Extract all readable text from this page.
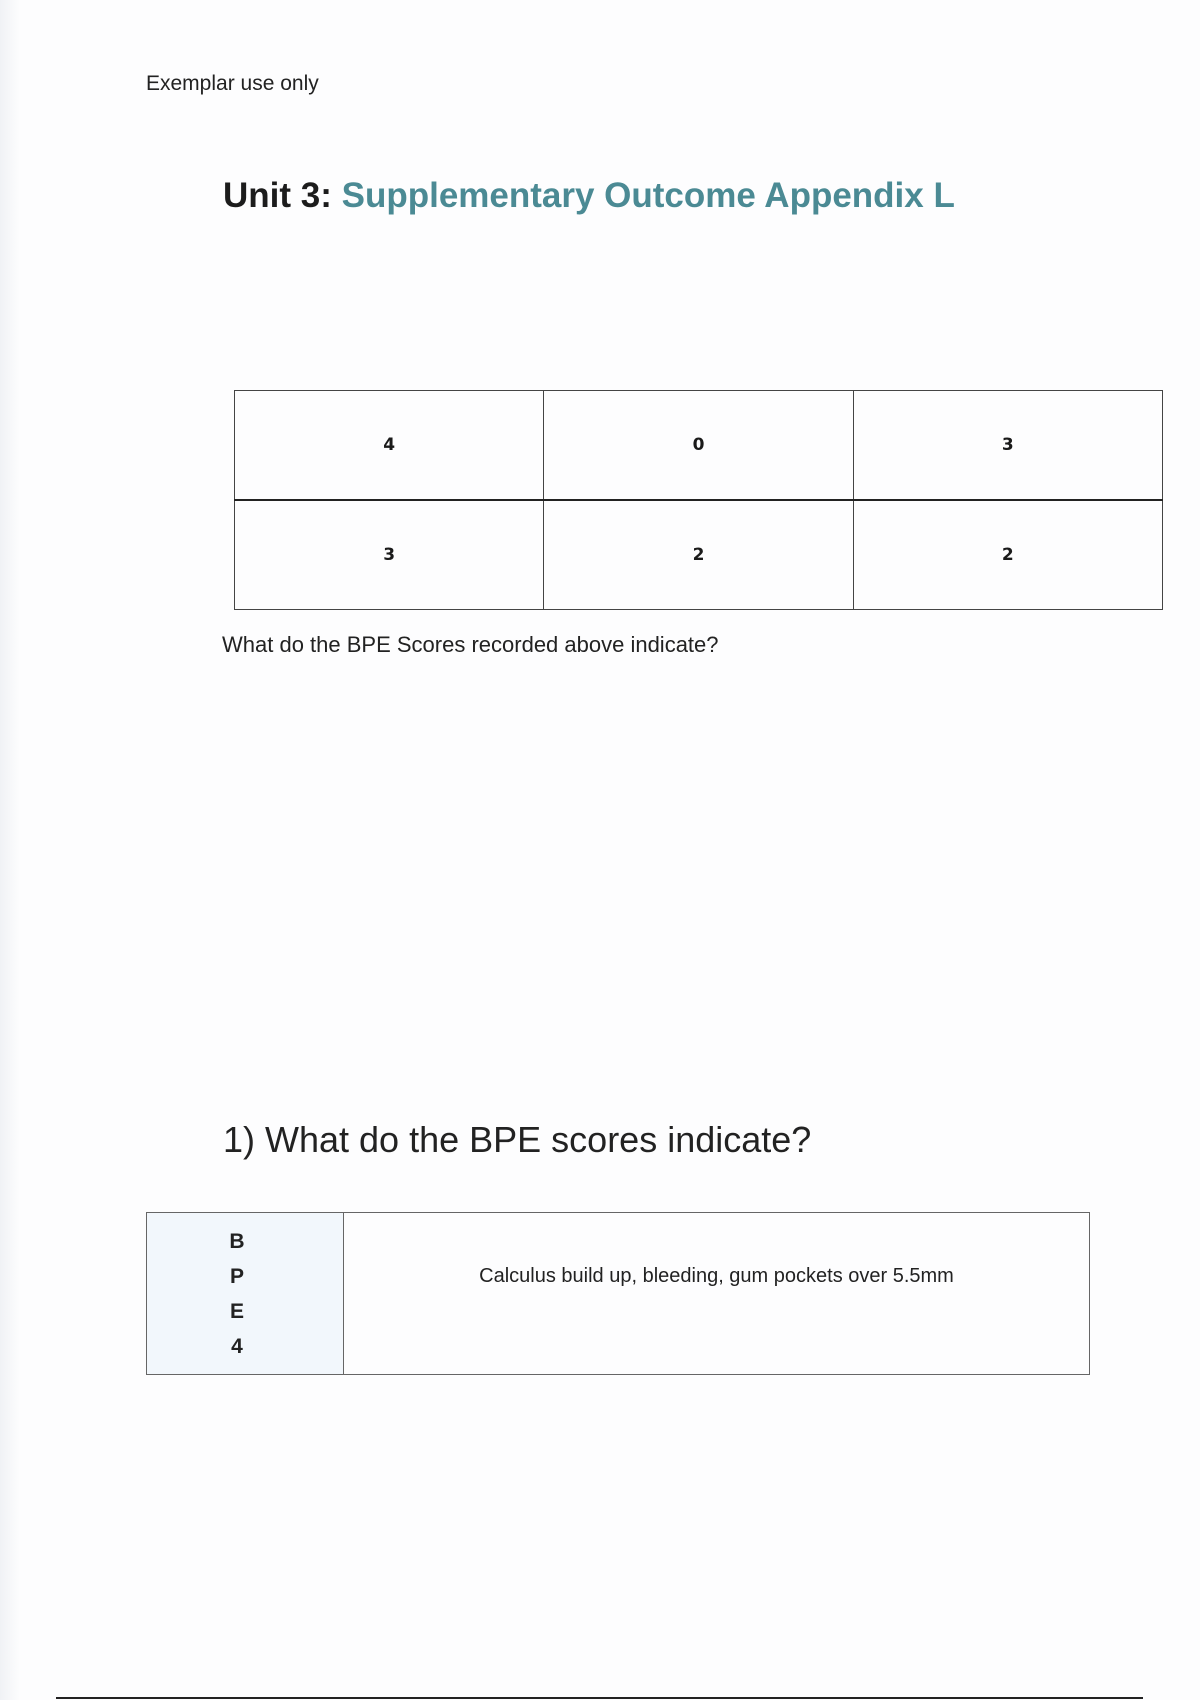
Exemplar use only
Unit 3: Supplementary Outcome Appendix L
4	0	3
3	2	2
What do the BPE Scores recorded above indicate?
1) What do the BPE scores indicate?
B
P
E
4
	Calculus build up, bleeding, gum pockets over 5.5mm
